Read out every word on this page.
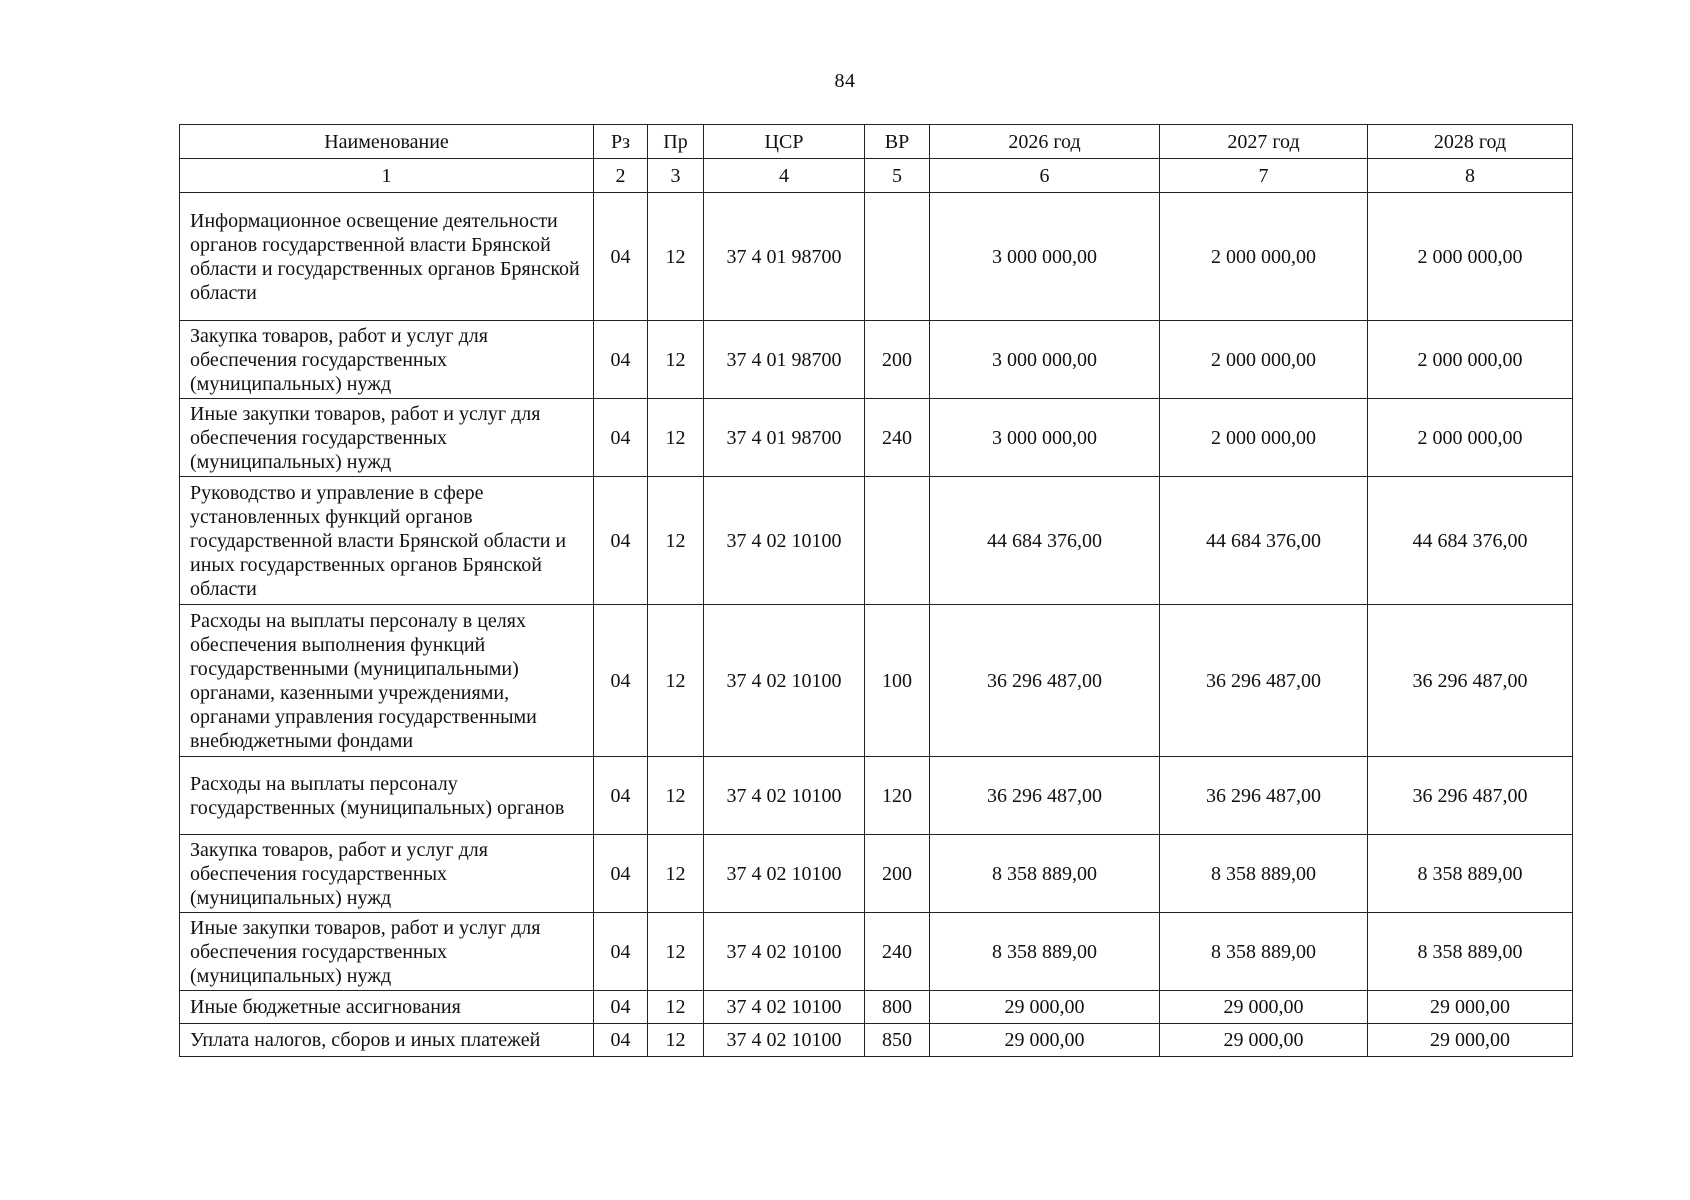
84
Наименование	Рз	Пр	ЦСР	ВР	2026 год	2027 год	2028 год
1	2	3	4	5	6	7	8
Информационное освещение деятельности органов государственной власти Брянской области и государственных органов Брянской области	04	12	37 4 01 98700		3 000 000,00	2 000 000,00	2 000 000,00
Закупка товаров, работ и услуг для обеспечения государственных (муниципальных) нужд	04	12	37 4 01 98700	200	3 000 000,00	2 000 000,00	2 000 000,00
Иные закупки товаров, работ и услуг для обеспечения государственных (муниципальных) нужд	04	12	37 4 01 98700	240	3 000 000,00	2 000 000,00	2 000 000,00
Руководство и управление в сфере установленных функций органов государственной власти Брянской области и иных государственных органов Брянской области	04	12	37 4 02 10100		44 684 376,00	44 684 376,00	44 684 376,00
Расходы на выплаты персоналу в целях обеспечения выполнения функций государственными (муниципальными) органами, казенными учреждениями, органами управления государственными внебюджетными фондами	04	12	37 4 02 10100	100	36 296 487,00	36 296 487,00	36 296 487,00
Расходы на выплаты персоналу государственных (муниципальных) органов	04	12	37 4 02 10100	120	36 296 487,00	36 296 487,00	36 296 487,00
Закупка товаров, работ и услуг для обеспечения государственных (муниципальных) нужд	04	12	37 4 02 10100	200	8 358 889,00	8 358 889,00	8 358 889,00
Иные закупки товаров, работ и услуг для обеспечения государственных (муниципальных) нужд	04	12	37 4 02 10100	240	8 358 889,00	8 358 889,00	8 358 889,00
Иные бюджетные ассигнования	04	12	37 4 02 10100	800	29 000,00	29 000,00	29 000,00
Уплата налогов, сборов и иных платежей	04	12	37 4 02 10100	850	29 000,00	29 000,00	29 000,00
